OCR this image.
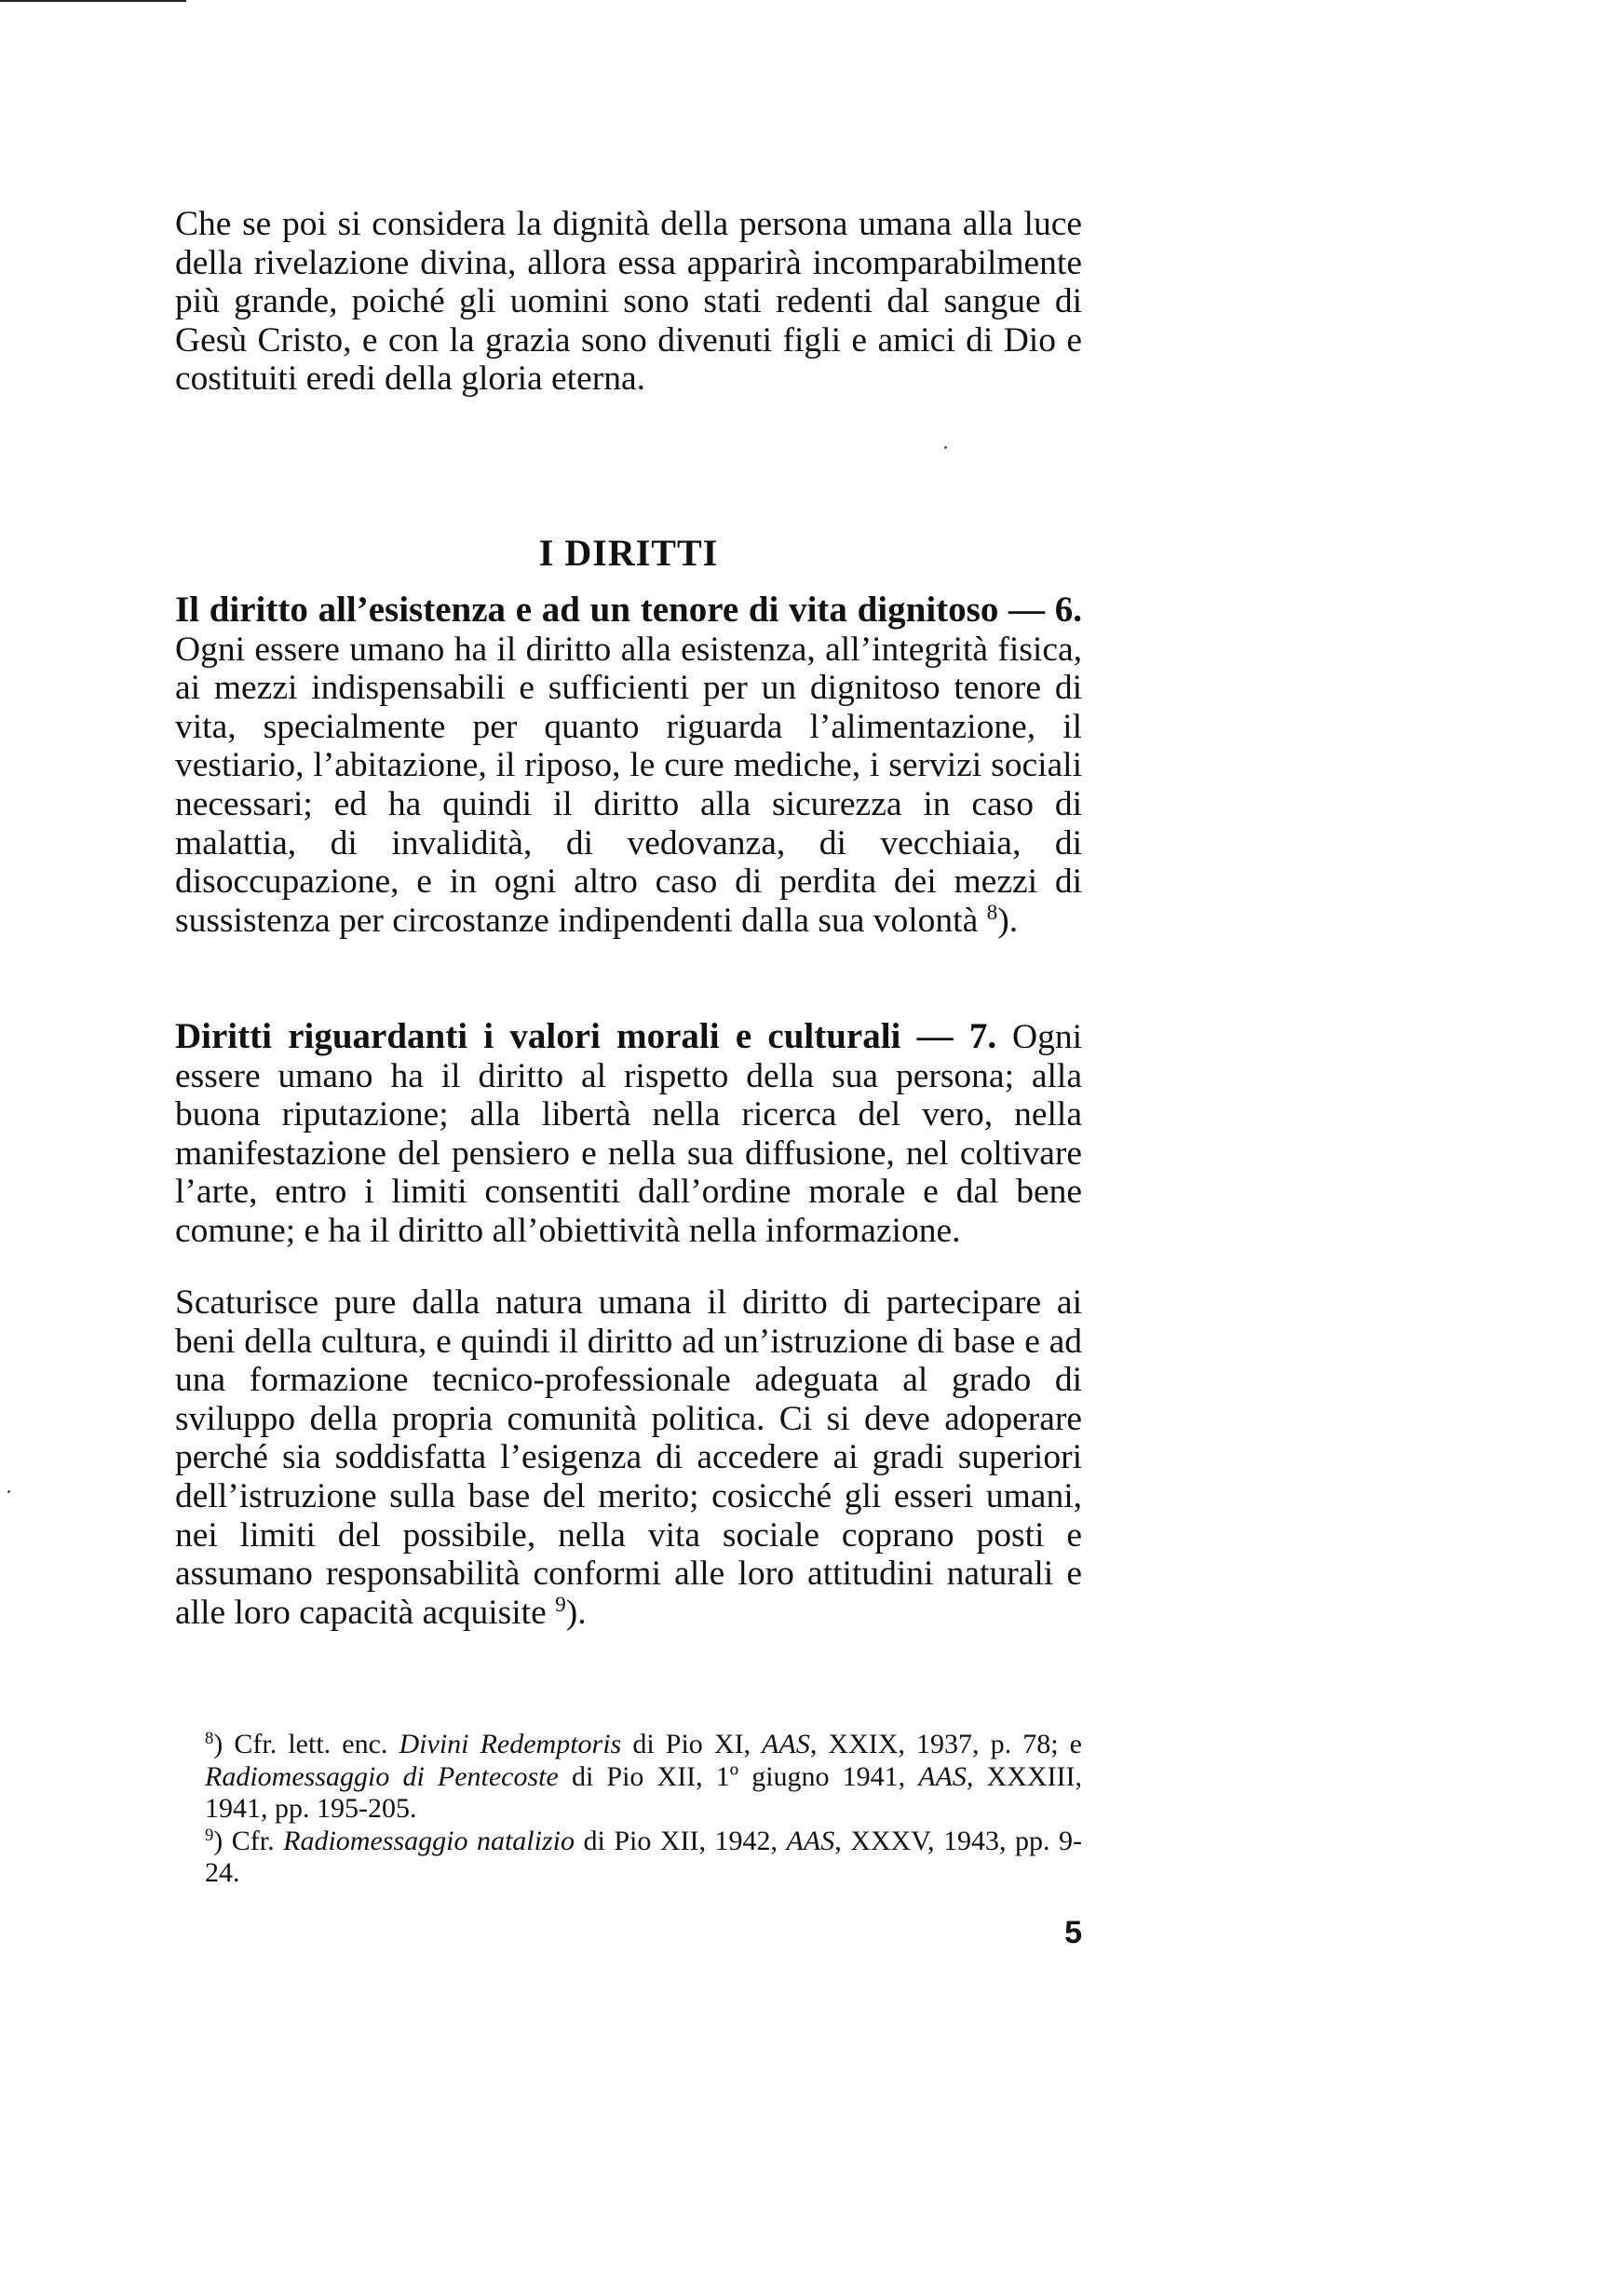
Che se poi si considera la dignità della persona umana alla luce della rivelazione divina, allora essa apparirà incomparabilmente più grande, poiché gli uomini sono stati redenti dal sangue di Gesù Cristo, e con la grazia sono divenuti figli e amici di Dio e costituiti eredi della gloria eterna.

I DIRITTI

Il diritto all’esistenza e ad un tenore di vita dignitoso — 6. Ogni essere umano ha il diritto alla esistenza, all’integrità fisica, ai mezzi indispensabili e sufficienti per un dignitoso tenore di vita, specialmente per quanto riguarda l’alimentazione, il vestiario, l’abitazione, il riposo, le cure mediche, i servizi sociali necessari; ed ha quindi il diritto alla sicurezza in caso di malattia, di invalidità, di vedovanza, di vecchiaia, di disoccupazione, e in ogni altro caso di perdita dei mezzi di sussistenza per circostanze indipendenti dalla sua volontà $^8$).

Diritti riguardanti i valori morali e culturali — 7. Ogni essere umano ha il diritto al rispetto della sua persona; alla buona riputazione; alla libertà nella ricerca del vero, nella manifestazione del pensiero e nella sua diffusione, nel coltivare l’arte, entro i limiti consentiti dall’ordine morale e dal bene comune; e ha il diritto all’obiettività nella informazione.

Scaturisce pure dalla natura umana il diritto di partecipare ai beni della cultura, e quindi il diritto ad un’istruzione di base e ad una formazione tecnico-professionale adeguata al grado di sviluppo della propria comunità politica. Ci si deve adoperare perché sia soddisfatta l’esigenza di accedere ai gradi superiori dell’istruzione sulla base del merito; cosicché gli esseri umani, nei limiti del possibile, nella vita sociale coprano posti e assumano responsabilità conformi alle loro attitudini naturali e alle loro capacità acquisite $^9$).

$^8$) Cfr. lett. enc. Divini Redemptoris di Pio XI, AAS, XXIX, 1937, p. 78; e Radiomessaggio di Pentecoste di Pio XII, 1º giugno 1941, AAS, XXXIII, 1941, pp. 195-205.

$^9$) Cfr. Radiomessaggio natalizio di Pio XII, 1942, AAS, XXXV, 1943, pp. 9-24.

5
